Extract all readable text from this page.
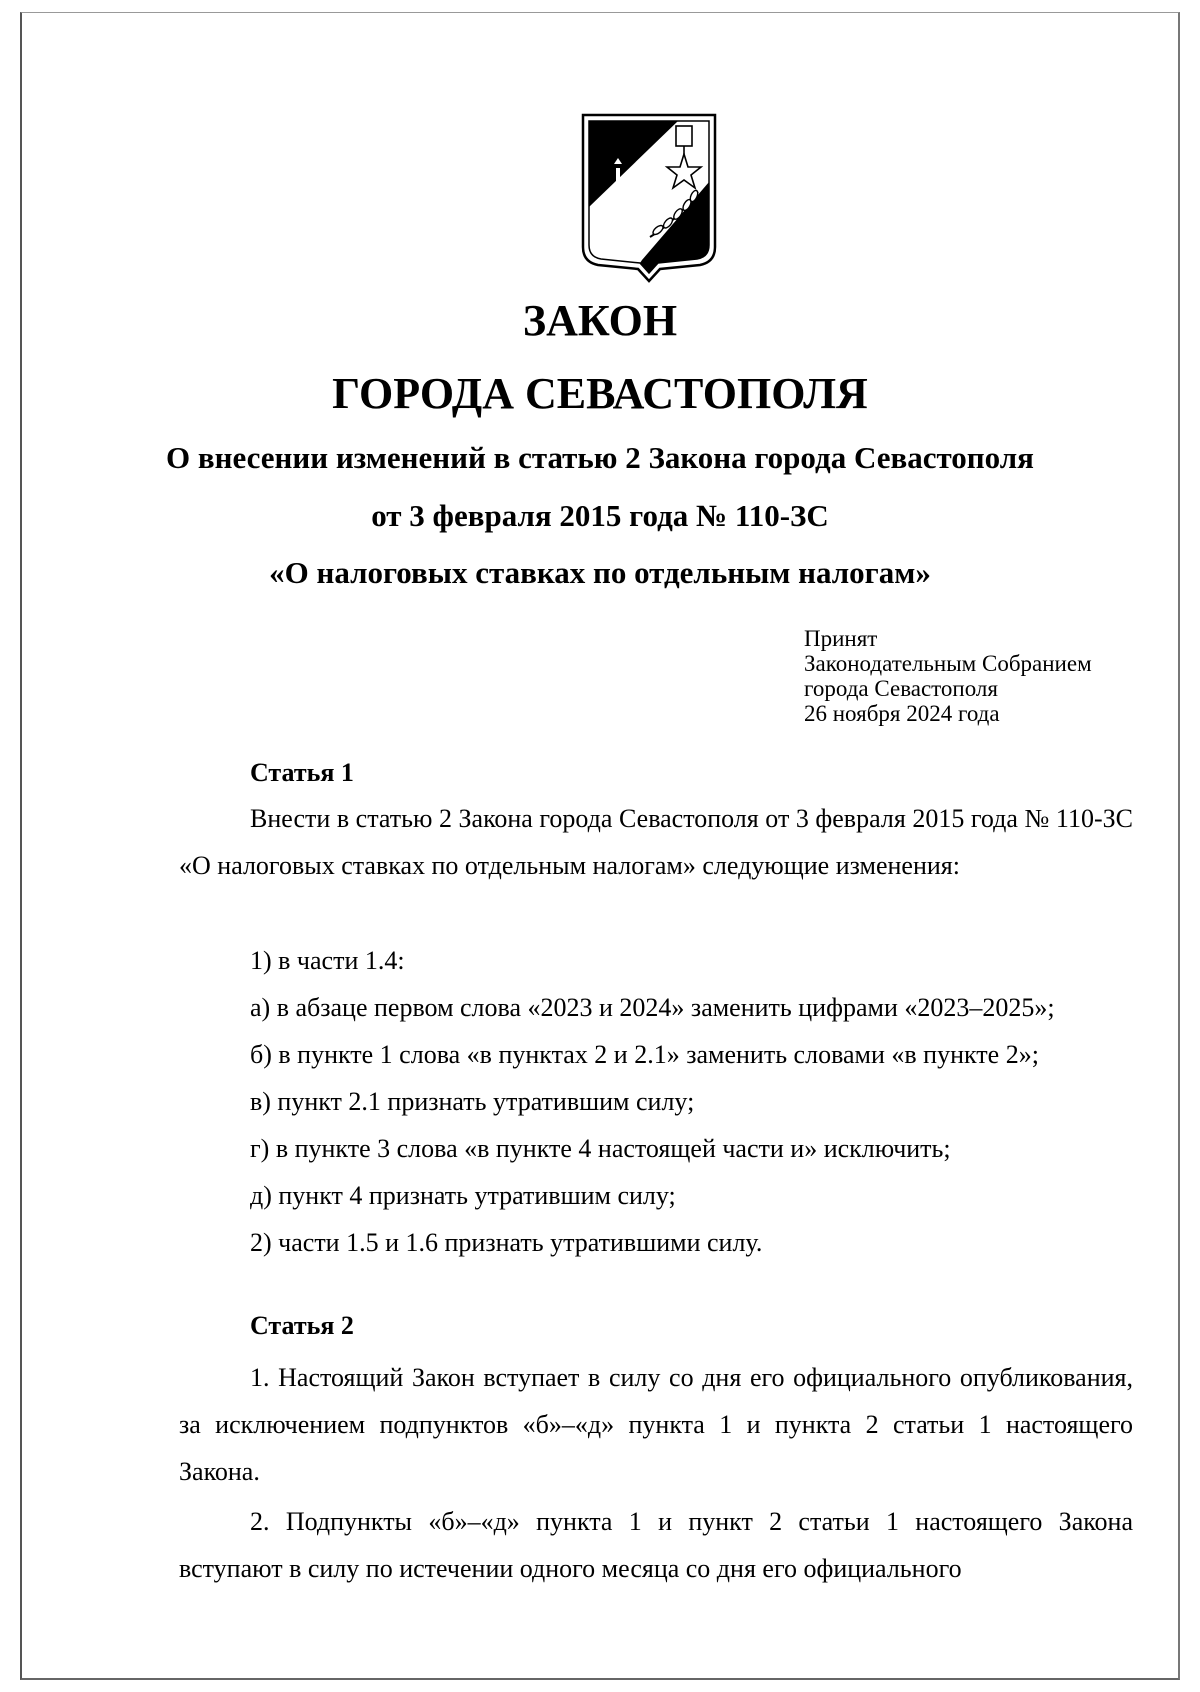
ЗАКОН
ГОРОДА СЕВАСТОПОЛЯ
О внесении изменений в статью 2 Закона города Севастополя
от 3 февраля 2015 года № 110-ЗС
«О налоговых ставках по отдельным налогам»
Принят
Законодательным Собранием
города Севастополя
26 ноября 2024 года
Статья 1

Внести в статью 2 Закона города Севастополя от 3 февраля 2015 года № 110-ЗС «О налоговых ставках по отдельным налогам» следующие изменения:

1) в части 1.4:

а) в абзаце первом слова «2023 и 2024» заменить цифрами «2023–2025»;

б) в пункте 1 слова «в пунктах 2 и 2.1» заменить словами «в пункте 2»;

в) пункт 2.1 признать утратившим силу;

г) в пункте 3 слова «в пункте 4 настоящей части и» исключить;

д) пункт 4 признать утратившим силу;

2) части 1.5 и 1.6 признать утратившими силу.

Статья 2

1. Настоящий Закон вступает в силу со дня его официального опубликования, за исключением подпунктов «б»–«д» пункта 1 и пункта 2 статьи 1 настоящего Закона.

2. Подпункты «б»–«д» пункта 1 и пункт 2 статьи 1 настоящего Закона вступают в силу по истечении одного месяца со дня его официального
